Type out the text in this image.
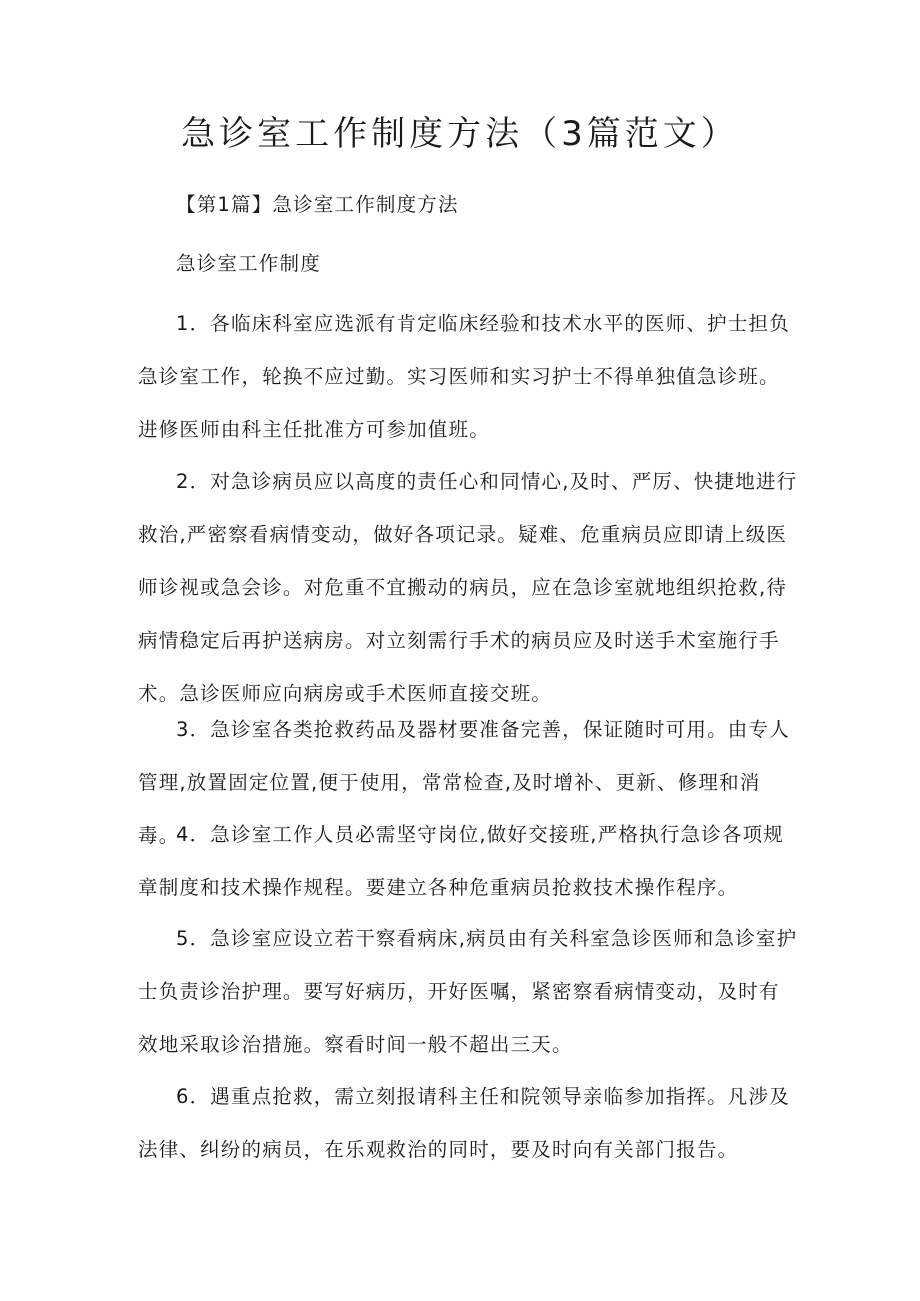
急诊室工作制度方法（3篇范文）

【第1篇】急诊室工作制度方法

急诊室工作制度

1．各临床科室应选派有肯定临床经验和技术水平的医师、护士担负急诊室工作，轮换不应过勤。实习医师和实习护士不得单独值急诊班。进修医师由科主任批准方可参加值班。

2．对急诊病员应以高度的责任心和同情心,及时、严厉、快捷地进行救治,严密察看病情变动，做好各项记录。疑难、危重病员应即请上级医师诊视或急会诊。对危重不宜搬动的病员，应在急诊室就地组织抢救,待病情稳定后再护送病房。对立刻需行手术的病员应及时送手术室施行手术。急诊医师应向病房或手术医师直接交班。

3．急诊室各类抢救药品及器材要准备完善，保证随时可用。由专人管理,放置固定位置,便于使用，常常检查,及时增补、更新、修理和消毒。

4．急诊室工作人员必需坚守岗位,做好交接班,严格执行急诊各项规章制度和技术操作规程。要建立各种危重病员抢救技术操作程序。

5．急诊室应设立若干察看病床,病员由有关科室急诊医师和急诊室护士负责诊治护理。要写好病历，开好医嘱，紧密察看病情变动，及时有效地采取诊治措施。察看时间一般不超出三天。

6．遇重点抢救，需立刻报请科主任和院领导亲临参加指挥。凡涉及法律、纠纷的病员，在乐观救治的同时，要及时向有关部门报告。
